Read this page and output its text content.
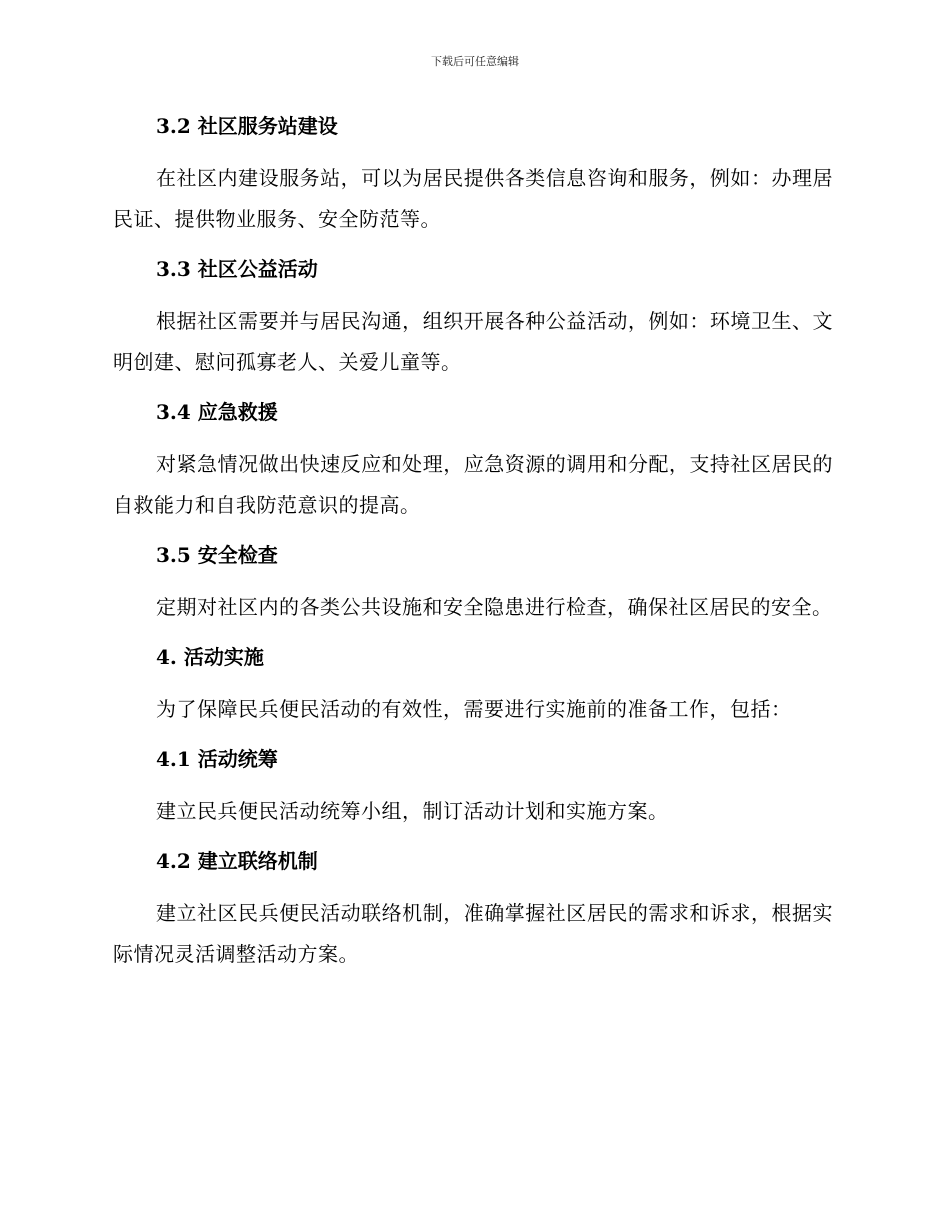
下载后可任意编辑
3.2 社区服务站建设

在社区内建设服务站，可以为居民提供各类信息咨询和服务，例如：办理居民证、提供物业服务、安全防范等。

3.3 社区公益活动

根据社区需要并与居民沟通，组织开展各种公益活动，例如：环境卫生、文明创建、慰问孤寡老人、关爱儿童等。

3.4 应急救援

对紧急情况做出快速反应和处理，应急资源的调用和分配，支持社区居民的自救能力和自我防范意识的提高。

3.5 安全检查

定期对社区内的各类公共设施和安全隐患进行检查，确保社区居民的安全。

4. 活动实施

为了保障民兵便民活动的有效性，需要进行实施前的准备工作，包括：

4.1 活动统筹

建立民兵便民活动统筹小组，制订活动计划和实施方案。

4.2 建立联络机制

建立社区民兵便民活动联络机制，准确掌握社区居民的需求和诉求，根据实际情况灵活调整活动方案。
